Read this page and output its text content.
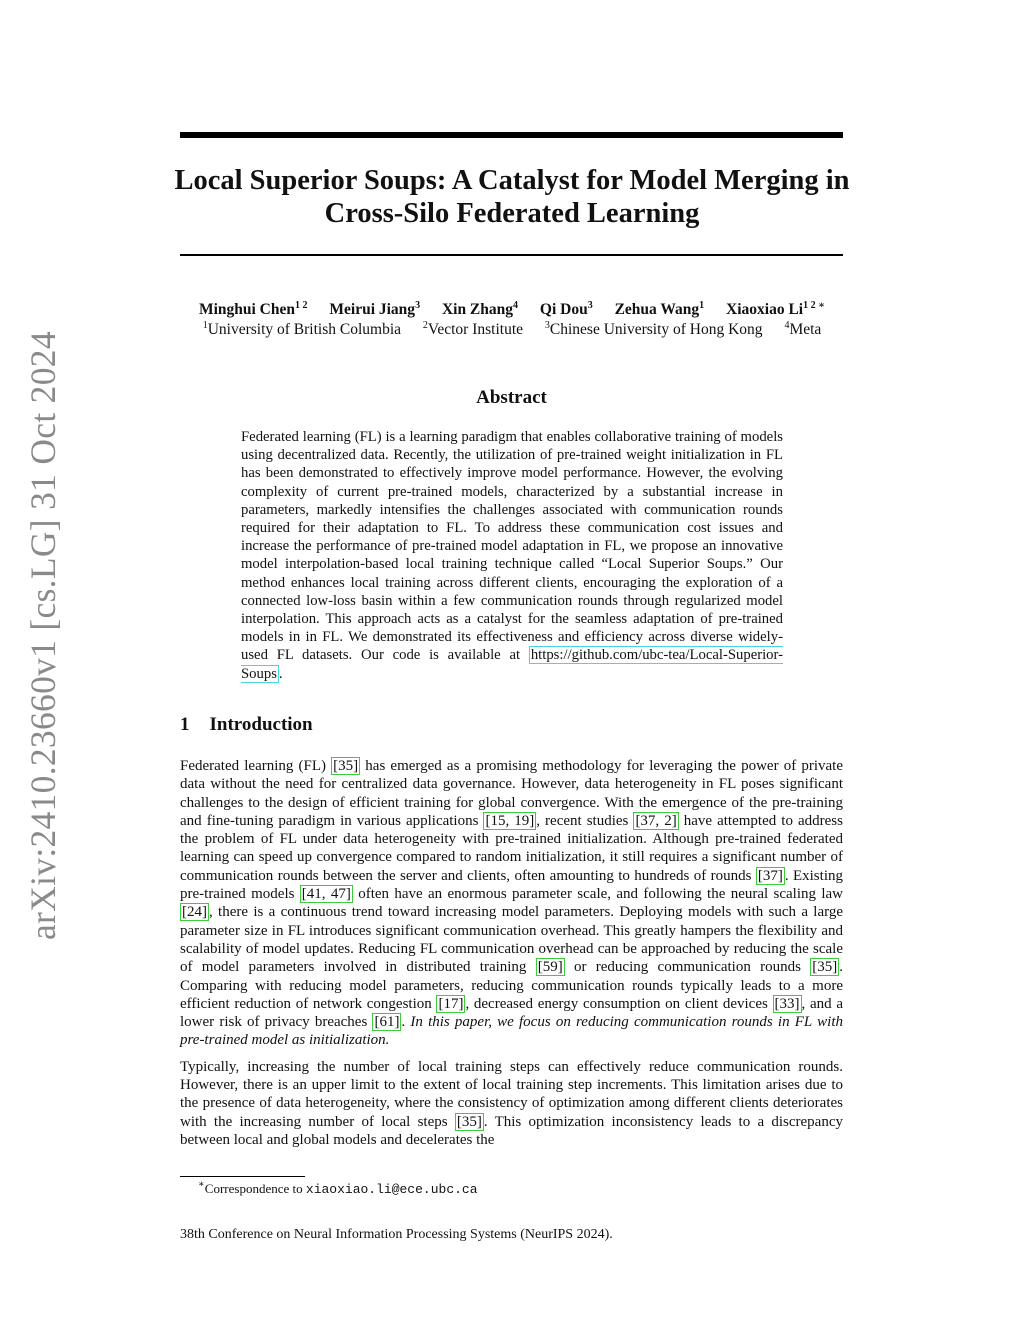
arXiv:2410.23660v1 [cs.LG] 31 Oct 2024
Local Superior Soups: A Catalyst for Model Merging in Cross-Silo Federated Learning
Minghui Chen$^{1 2}$ Meirui Jiang$^3$ Xin Zhang$^4$ Qi Dou$^3$ Zehua Wang$^1$ Xiaoxiao $Li^{1 2 ∗}$
$^1$University of British Columbia $^2$Vector Institute $^3$Chinese University of Hong Kong $^4$Meta
Abstract

Federated learning (FL) is a learning paradigm that enables collaborative training of models using decentralized data. Recently, the utilization of pre-trained weight initialization in FL has been demonstrated to effectively improve model performance. However, the evolving complexity of current pre-trained models, characterized by a substantial increase in parameters, markedly intensifies the challenges associated with communication rounds required for their adaptation to FL. To address these communication cost issues and increase the performance of pre-trained model adaptation in FL, we propose an innovative model interpolation-based local training technique called “Local Superior Soups.” Our method enhances local training across different clients, encouraging the exploration of a connected low-loss basin within a few communication rounds through regularized model interpolation. This approach acts as a catalyst for the seamless adaptation of pre-trained models in in FL. We demonstrated its effectiveness and efficiency across diverse widely-used FL datasets. Our code is available at https://github.com/ubc-tea/Local-Superior-Soups .

1 Introduction

Federated learning (FL) [35] has emerged as a promising methodology for leveraging the power of private data without the need for centralized data governance. However, data heterogeneity in FL poses significant challenges to the design of efficient training for global convergence. With the emergence of the pre-training and fine-tuning paradigm in various applications [15, 19] , recent studies [37, 2] have attempted to address the problem of FL under data heterogeneity with pre-trained initialization. Although pre-trained federated learning can speed up convergence compared to random initialization, it still requires a significant number of communication rounds between the server and clients, often amounting to hundreds of rounds [37] . Existing pre-trained models [41, 47] often have an enormous parameter scale, and following the neural scaling law [24] , there is a continuous trend toward increasing model parameters. Deploying models with such a large parameter size in FL introduces significant communication overhead. This greatly hampers the flexibility and scalability of model updates. Reducing FL communication overhead can be approached by reducing the scale of model parameters involved in distributed training [59] or reducing communication rounds [35] . Comparing with reducing model parameters, reducing communication rounds typically leads to a more efficient reduction of network congestion [17] , decreased energy consumption on client devices [33] , and a lower risk of privacy breaches [61] . In this paper, we focus on reducing communication rounds in FL with pre-trained model as initialization.

Typically, increasing the number of local training steps can effectively reduce communication rounds. However, there is an upper limit to the extent of local training step increments. This limitation arises due to the presence of data heterogeneity, where the consistency of optimization among different clients deteriorates with the increasing number of local steps [35] . This optimization inconsistency leads to a discrepancy between local and global models and decelerates the

∗Correspondence to xiaoxiao.li@ece.ubc.ca
38th Conference on Neural Information Processing Systems (NeurIPS 2024).
